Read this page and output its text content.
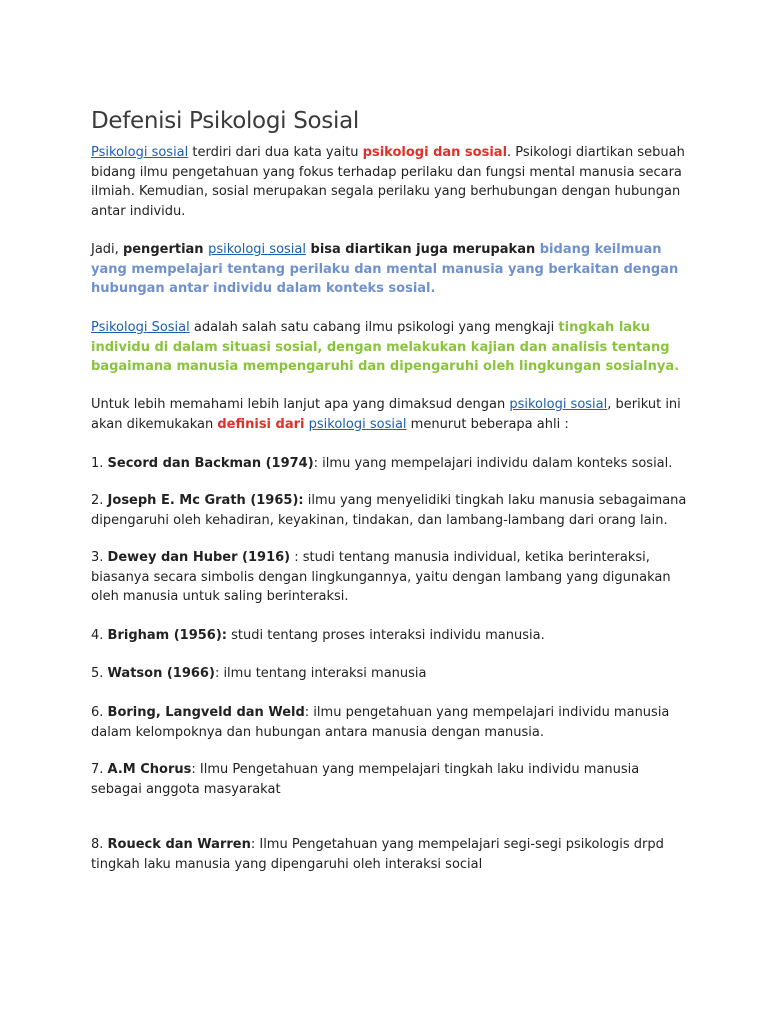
Defenisi Psikologi Sosial

Psikologi sosial terdiri dari dua kata yaitu psikologi dan sosial. Psikologi diartikan sebuah bidang ilmu pengetahuan yang fokus terhadap perilaku dan fungsi mental manusia secara ilmiah. Kemudian, sosial merupakan segala perilaku yang berhubungan dengan hubungan antar individu.

Jadi, pengertian psikologi sosial bisa diartikan juga merupakan bidang keilmuan yang mempelajari tentang perilaku dan mental manusia yang berkaitan dengan hubungan antar individu dalam konteks sosial.

Psikologi Sosial adalah salah satu cabang ilmu psikologi yang mengkaji tingkah laku individu di dalam situasi sosial, dengan melakukan kajian dan analisis tentang bagaimana manusia mempengaruhi dan dipengaruhi oleh lingkungan sosialnya.

Untuk lebih memahami lebih lanjut apa yang dimaksud dengan psikologi sosial, berikut ini akan dikemukakan definisi dari psikologi sosial menurut beberapa ahli :

1. Secord dan Backman (1974): ilmu yang mempelajari individu dalam konteks sosial.

2. Joseph E. Mc Grath (1965): ilmu yang menyelidiki tingkah laku manusia sebagaimana dipengaruhi oleh kehadiran, keyakinan, tindakan, dan lambang-lambang dari orang lain.

3. Dewey dan Huber (1916) : studi tentang manusia individual, ketika berinteraksi, biasanya secara simbolis dengan lingkungannya, yaitu dengan lambang yang digunakan oleh manusia untuk saling berinteraksi.

4. Brigham (1956): studi tentang proses interaksi individu manusia.

5. Watson (1966): ilmu tentang interaksi manusia

6. Boring, Langveld dan Weld: ilmu pengetahuan yang mempelajari individu manusia dalam kelompoknya dan hubungan antara manusia dengan manusia.

7. A.M Chorus: Ilmu Pengetahuan yang mempelajari tingkah laku individu manusia sebagai anggota masyarakat

8. Roueck dan Warren: Ilmu Pengetahuan yang mempelajari segi-segi psikologis drpd tingkah laku manusia yang dipengaruhi oleh interaksi social
